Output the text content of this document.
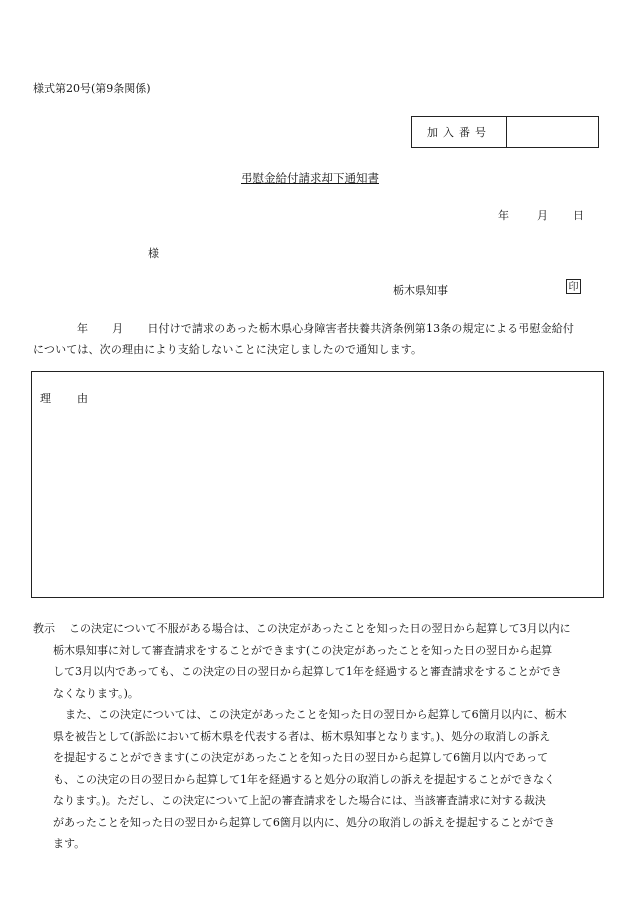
様式第20号(第9条関係)
加入番号
弔慰金給付請求却下通知書
年	月 日
様
栃木県知事	印
年 月 日付けで請求のあった栃木県心身障害者扶養共済条例第13条の規定による弔慰金給付
については、次の理由により支給しないことに決定しましたので通知します。
理 由
教示 この決定について不服がある場合は、この決定があったことを知った日の翌日から起算して3月以内に
栃木県知事に対して審査請求をすることができます(この決定があったことを知った日の翌日から起算
して3月以内であっても、この決定の日の翌日から起算して1年を経過すると審査請求をすることができ
なくなります。)。
また、この決定については、この決定があったことを知った日の翌日から起算して6箇月以内に、栃木
県を被告として(訴訟において栃木県を代表する者は、栃木県知事となります。)、処分の取消しの訴え
を提起することができます(この決定があったことを知った日の翌日から起算して6箇月以内であって
も、この決定の日の翌日から起算して1年を経過すると処分の取消しの訴えを提起することができなく
なります。)。ただし、この決定について上記の審査請求をした場合には、当該審査請求に対する裁決
があったことを知った日の翌日から起算して6箇月以内に、処分の取消しの訴えを提起することができ
ます。
